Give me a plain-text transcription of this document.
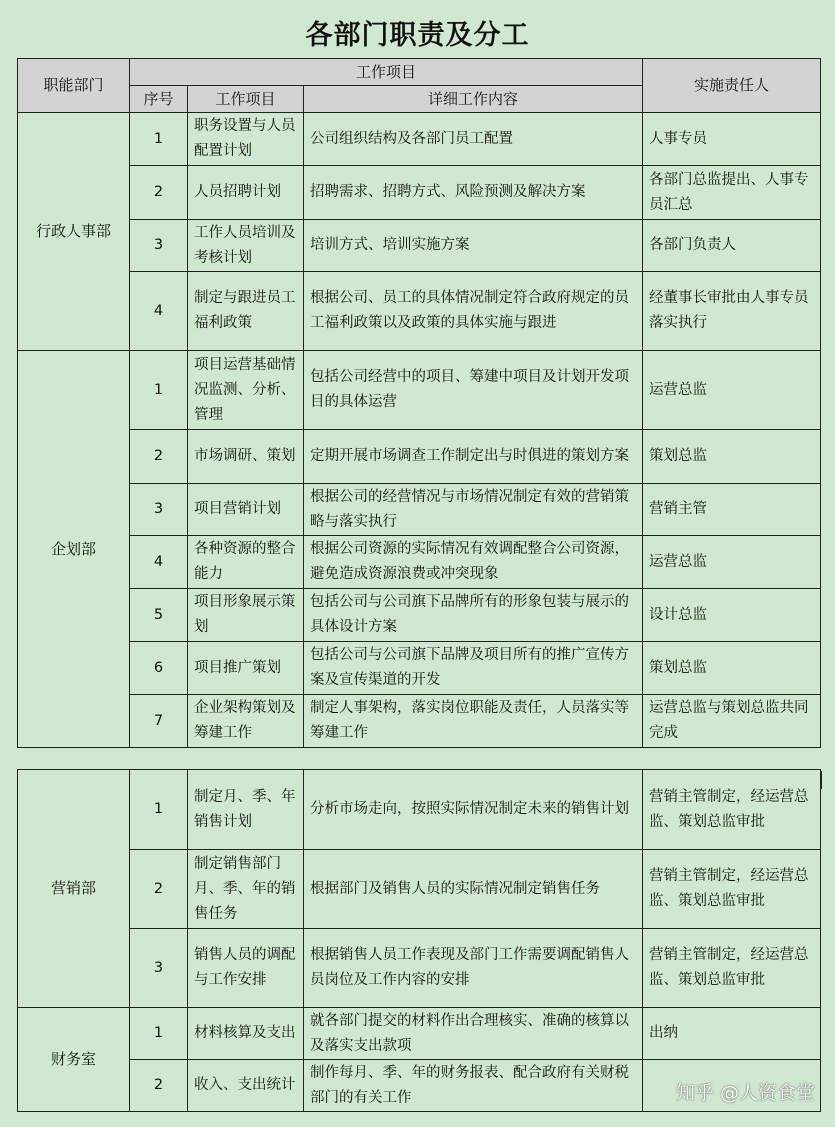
各部门职责及分工
职能部门	工作项目			实施责任人
	序号	工作项目	详细工作内容	
行政人事部	1	职务设置与人员配置计划	公司组织结构及各部门员工配置	人事专员
	2	人员招聘计划	招聘需求、招聘方式、风险预测及解决方案	各部门总监提出、人事专员汇总
	3	工作人员培训及考核计划	培训方式、培训实施方案	各部门负责人
	4	制定与跟进员工福利政策	根据公司、员工的具体情况制定符合政府规定的员工福利政策以及政策的具体实施与跟进	经董事长审批由人事专员落实执行
企划部	1	项目运营基础情况监测、分析、管理	包括公司经营中的项目、筹建中项目及计划开发项目的具体运营	运营总监
	2	市场调研、策划	定期开展市场调查工作制定出与时俱进的策划方案	策划总监
	3	项目营销计划	根据公司的经营情况与市场情况制定有效的营销策略与落实执行	营销主管
	4	各种资源的整合能力	根据公司资源的实际情况有效调配整合公司资源，避免造成资源浪费或冲突现象	运营总监
	5	项目形象展示策划	包括公司与公司旗下品牌所有的形象包装与展示的具体设计方案	设计总监
	6	项目推广策划	包括公司与公司旗下品牌及项目所有的推广宣传方案及宣传渠道的开发	策划总监
	7	企业架构策划及筹建工作	制定人事架构，落实岗位职能及责任，人员落实等筹建工作	运营总监与策划总监共同完成
营销部	1	制定月、季、年销售计划	分析市场走向，按照实际情况制定未来的销售计划	营销主管制定，经运营总监、策划总监审批
	2	制定销售部门月、季、年的销售任务	根据部门及销售人员的实际情况制定销售任务	营销主管制定，经运营总监、策划总监审批
	3	销售人员的调配与工作安排	根据销售人员工作表现及部门工作需要调配销售人员岗位及工作内容的安排	营销主管制定，经运营总监、策划总监审批
财务室	1	材料核算及支出	就各部门提交的材料作出合理核实、准确的核算以及落实支出款项	出纳
	2	收入、支出统计	制作每月、季、年的财务报表、配合政府有关财税部门的有关工作		知乎 @人资食堂
